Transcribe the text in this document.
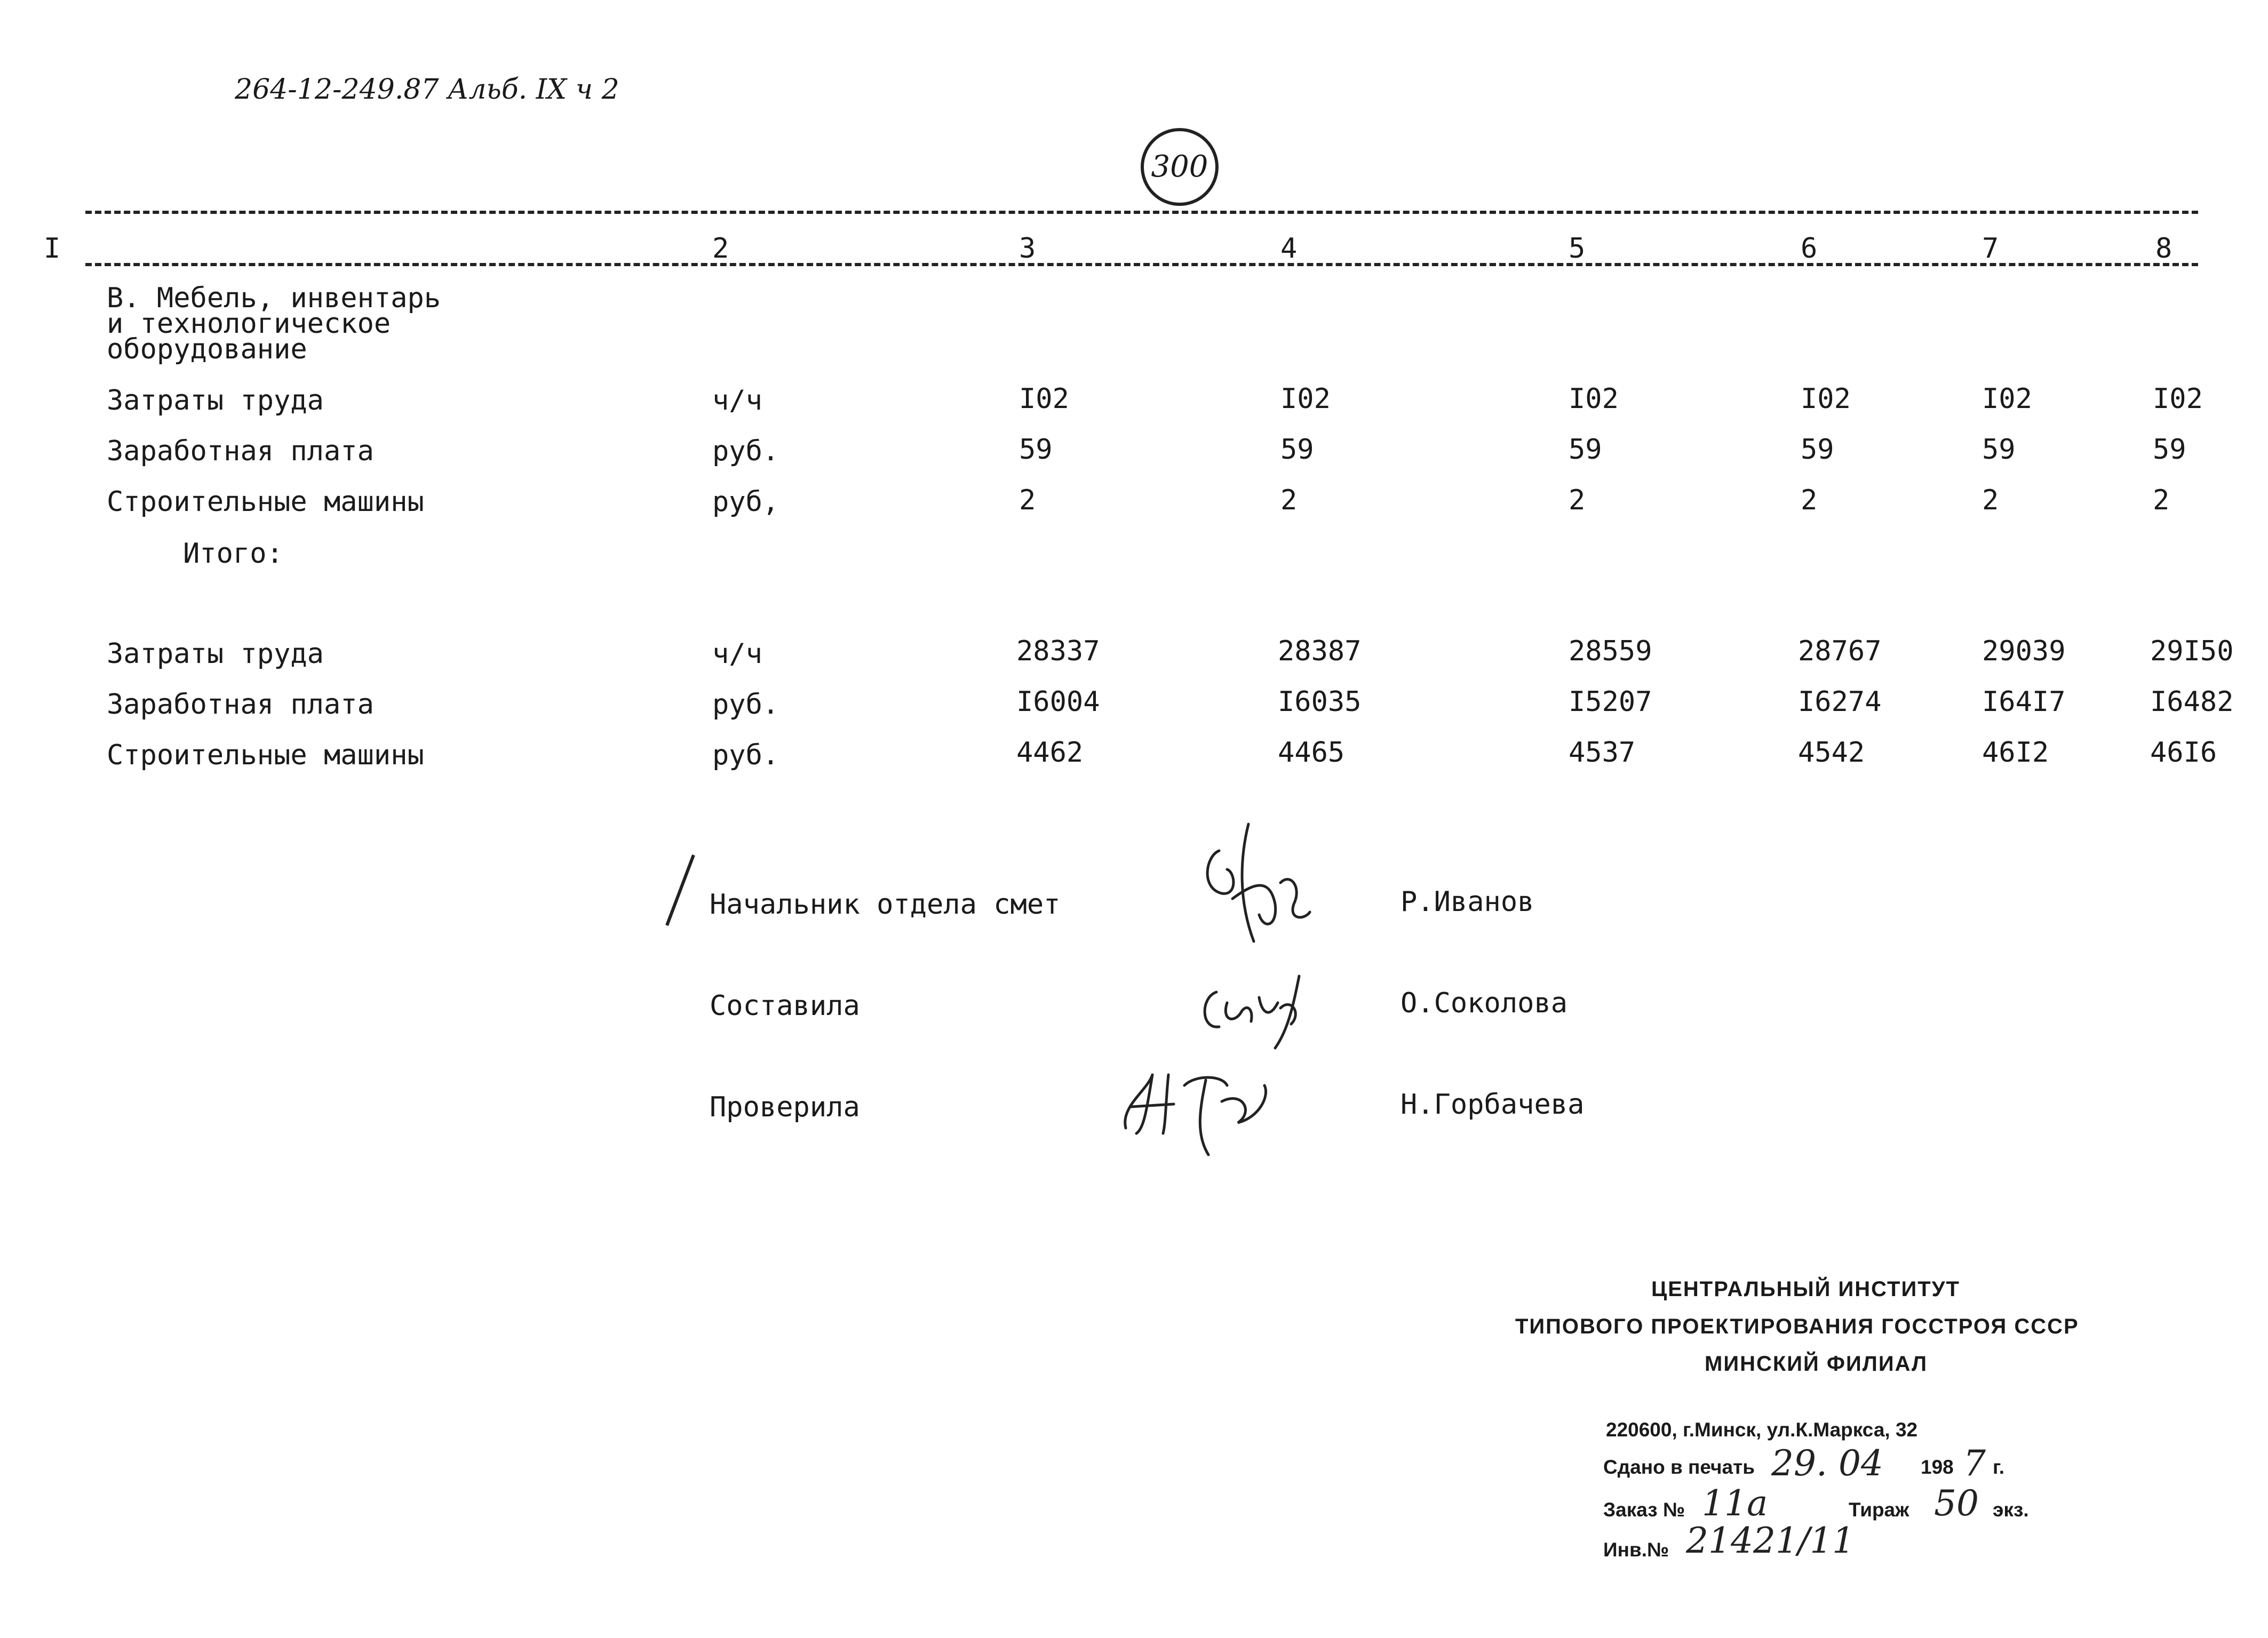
264-12-249.87 Альб. IX ч 2
300
I	2	3	4	5	6	7	8
В. Мебель, инвентарь и технологическое оборудование
Затраты труда	ч/ч	I02	I02	I02	I02	I02	I02
Заработная плата	руб.	59	59	59	59	59	59
Строительные машины	руб,	2	2	2	2	2	2
Итого:
Затраты труда	ч/ч	28337	28387	28559	28767	29039	29I50
Заработная плата	руб.	I6004	I6035	I5207	I6274	I64I7	I6482
Строительные машины	руб.	4462	4465	4537	4542	46I2	46I6
Начальник отдела смет	Р.Иванов
Составила	О.Соколова
Проверила	Н.Горбачева
ЦЕНТРАЛЬНЫЙ ИНСТИТУТ
ТИПОВОГО ПРОЕКТИРОВАНИЯ ГОССТРОЯ СССР
МИНСКИЙ ФИЛИАЛ
220600, г.Минск, ул.К.Маркса, 32
Сдано в печать 29. 04 198 7 г.
Заказ № 11а	Тираж 50 экз.
Инв.№ 21421/11
